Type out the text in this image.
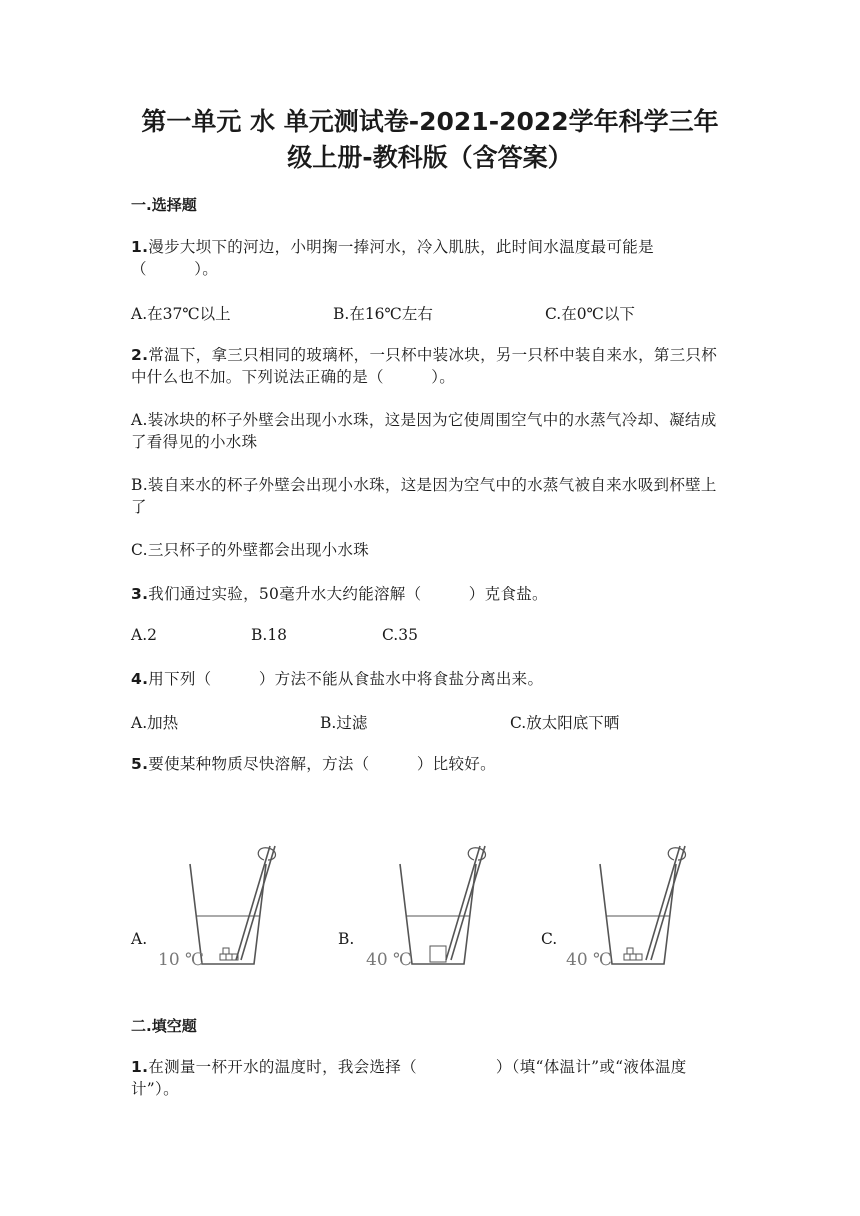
第一单元 水 单元测试卷-2021-2022学年科学三年
级上册-教科版（含答案）
一.选择题
1.漫步大坝下的河边，小明掬一捧河水，冷入肌肤，此时间水温度最可能是（　　　）。
A.在37℃以上	B.在16℃左右	C.在0℃以下
2.常温下，拿三只相同的玻璃杯，一只杯中装冰块，另一只杯中装自来水，第三只杯中什么也不加。下列说法正确的是（　　　）。
A.装冰块的杯子外壁会出现小水珠，这是因为它使周围空气中的水蒸气冷却、凝结成了看得见的小水珠
B.装自来水的杯子外壁会出现小水珠，这是因为空气中的水蒸气被自来水吸到杯壁上了
C.三只杯子的外壁都会出现小水珠
3.我们通过实验，50毫升水大约能溶解（　　　）克食盐。
A.2	B.18	C.35
4.用下列（　　　）方法不能从食盐水中将食盐分离出来。
A.加热	B.过滤	C.放太阳底下晒
5.要使某种物质尽快溶解，方法（　　　）比较好。
A.	B.	C.
10 ℃	40 ℃	40 ℃
二.填空题
1.在测量一杯开水的温度时，我会选择（　　　　　）（填“体温计”或“液体温度计”）。
